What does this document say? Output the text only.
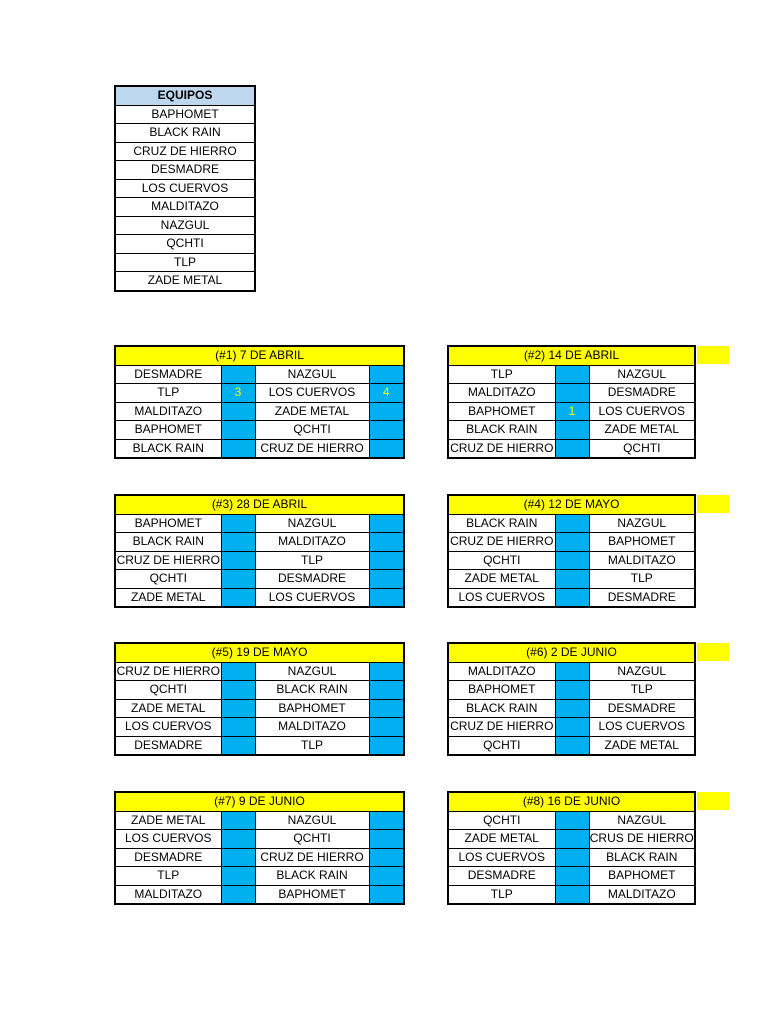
EQUIPOS
BAPHOMET
BLACK RAIN
CRUZ DE HIERRO
DESMADRE
LOS CUERVOS
MALDITAZO
NAZGUL
QCHTI
TLP
ZADE METAL
(#1) 7 DE ABRIL			
DESMADRE		NAZGUL	
TLP	3	LOS CUERVOS	4
MALDITAZO		ZADE METAL	
BAPHOMET		QCHTI	
BLACK RAIN		CRUZ DE HIERRO	
(#2) 14 DE ABRIL		
TLP		NAZGUL
MALDITAZO		DESMADRE
BAPHOMET	1	LOS CUERVOS
BLACK RAIN		ZADE METAL
CRUZ DE HIERRO		QCHTI
(#3) 28 DE ABRIL			
BAPHOMET		NAZGUL	
BLACK RAIN		MALDITAZO	
CRUZ DE HIERRO		TLP	
QCHTI		DESMADRE	
ZADE METAL		LOS CUERVOS	
(#4) 12 DE MAYO		
BLACK RAIN		NAZGUL
CRUZ DE HIERRO		BAPHOMET
QCHTI		MALDITAZO
ZADE METAL		TLP
LOS CUERVOS		DESMADRE
(#5) 19 DE MAYO			
CRUZ DE HIERRO		NAZGUL	
QCHTI		BLACK RAIN	
ZADE METAL		BAPHOMET	
LOS CUERVOS		MALDITAZO	
DESMADRE		TLP	
(#6) 2 DE JUNIO		
MALDITAZO		NAZGUL
BAPHOMET		TLP
BLACK RAIN		DESMADRE
CRUZ DE HIERRO		LOS CUERVOS
QCHTI		ZADE METAL
(#7) 9 DE JUNIO			
ZADE METAL		NAZGUL	
LOS CUERVOS		QCHTI	
DESMADRE		CRUZ DE HIERRO	
TLP		BLACK RAIN	
MALDITAZO		BAPHOMET	
(#8) 16 DE JUNIO		
QCHTI		NAZGUL
ZADE METAL		CRUS DE HIERRO
LOS CUERVOS		BLACK RAIN
DESMADRE		BAPHOMET
TLP		MALDITAZO
